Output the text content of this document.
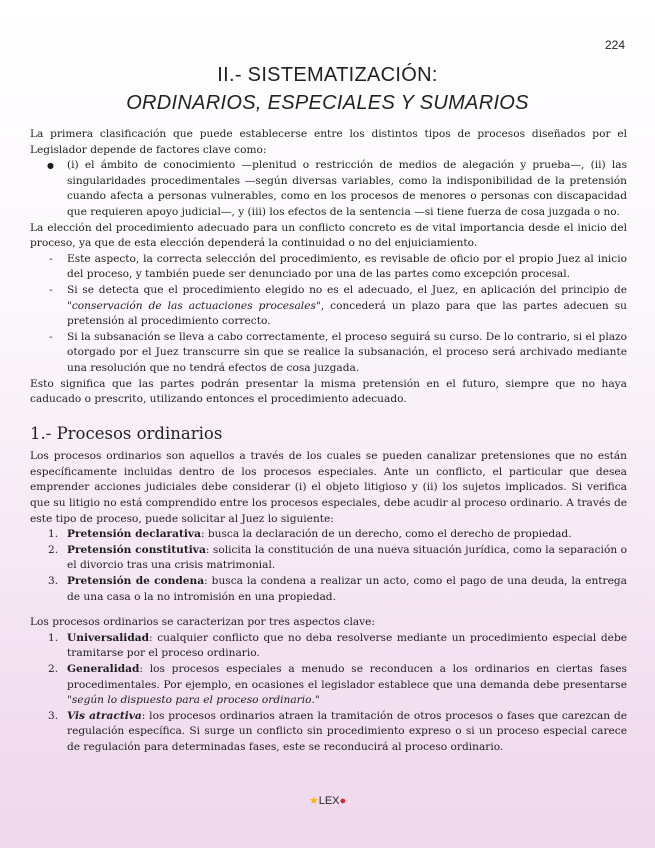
224
II.- SISTEMATIZACIÓN:
ORDINARIOS, ESPECIALES Y SUMARIOS

La primera clasificación que puede establecerse entre los distintos tipos de procesos diseñados por el Legislador depende de factores clave como:

● (i) el ámbito de conocimiento —plenitud o restricción de medios de alegación y prueba—, (ii) las singularidades procedimentales —según diversas variables, como la indisponibilidad de la pretensión cuando afecta a personas vulnerables, como en los procesos de menores o personas con discapacidad que requieren apoyo judicial—, y (iii) los efectos de la sentencia —si tiene fuerza de cosa juzgada o no.

La elección del procedimiento adecuado para un conflicto concreto es de vital importancia desde el inicio del proceso, ya que de esta elección dependerá la continuidad o no del enjuiciamiento.

- Este aspecto, la correcta selección del procedimiento, es revisable de oficio por el propio Juez al inicio del proceso, y también puede ser denunciado por una de las partes como excepción procesal.
- Si se detecta que el procedimiento elegido no es el adecuado, el Juez, en aplicación del principio de "conservación de las actuaciones procesales", concederá un plazo para que las partes adecuen su pretensión al procedimiento correcto.
- Si la subsanación se lleva a cabo correctamente, el proceso seguirá su curso. De lo contrario, si el plazo otorgado por el Juez transcurre sin que se realice la subsanación, el proceso será archivado mediante una resolución que no tendrá efectos de cosa juzgada.

Esto significa que las partes podrán presentar la misma pretensión en el futuro, siempre que no haya caducado o prescrito, utilizando entonces el procedimiento adecuado.

1.- Procesos ordinarios

Los procesos ordinarios son aquellos a través de los cuales se pueden canalizar pretensiones que no están específicamente incluidas dentro de los procesos especiales. Ante un conflicto, el particular que desea emprender acciones judiciales debe considerar (i) el objeto litigioso y (ii) los sujetos implicados. Si verifica que su litigio no está comprendido entre los procesos especiales, debe acudir al proceso ordinario. A través de este tipo de proceso, puede solicitar al Juez lo siguiente:

1. Pretensión declarativa: busca la declaración de un derecho, como el derecho de propiedad.
2. Pretensión constitutiva: solicita la constitución de una nueva situación jurídica, como la separación o el divorcio tras una crisis matrimonial.
3. Pretensión de condena: busca la condena a realizar un acto, como el pago de una deuda, la entrega de una casa o la no intromisión en una propiedad.

Los procesos ordinarios se caracterizan por tres aspectos clave:

1. Universalidad: cualquier conflicto que no deba resolverse mediante un procedimiento especial debe tramitarse por el proceso ordinario.
2. Generalidad: los procesos especiales a menudo se reconducen a los ordinarios en ciertas fases procedimentales. Por ejemplo, en ocasiones el legislador establece que una demanda debe presentarse "según lo dispuesto para el proceso ordinario."
3. Vis atractiva: los procesos ordinarios atraen la tramitación de otros procesos o fases que carezcan de regulación específica. Si surge un conflicto sin procedimiento expreso o si un proceso especial carece de regulación para determinadas fases, este se reconducirá al proceso ordinario.
★LEX●
